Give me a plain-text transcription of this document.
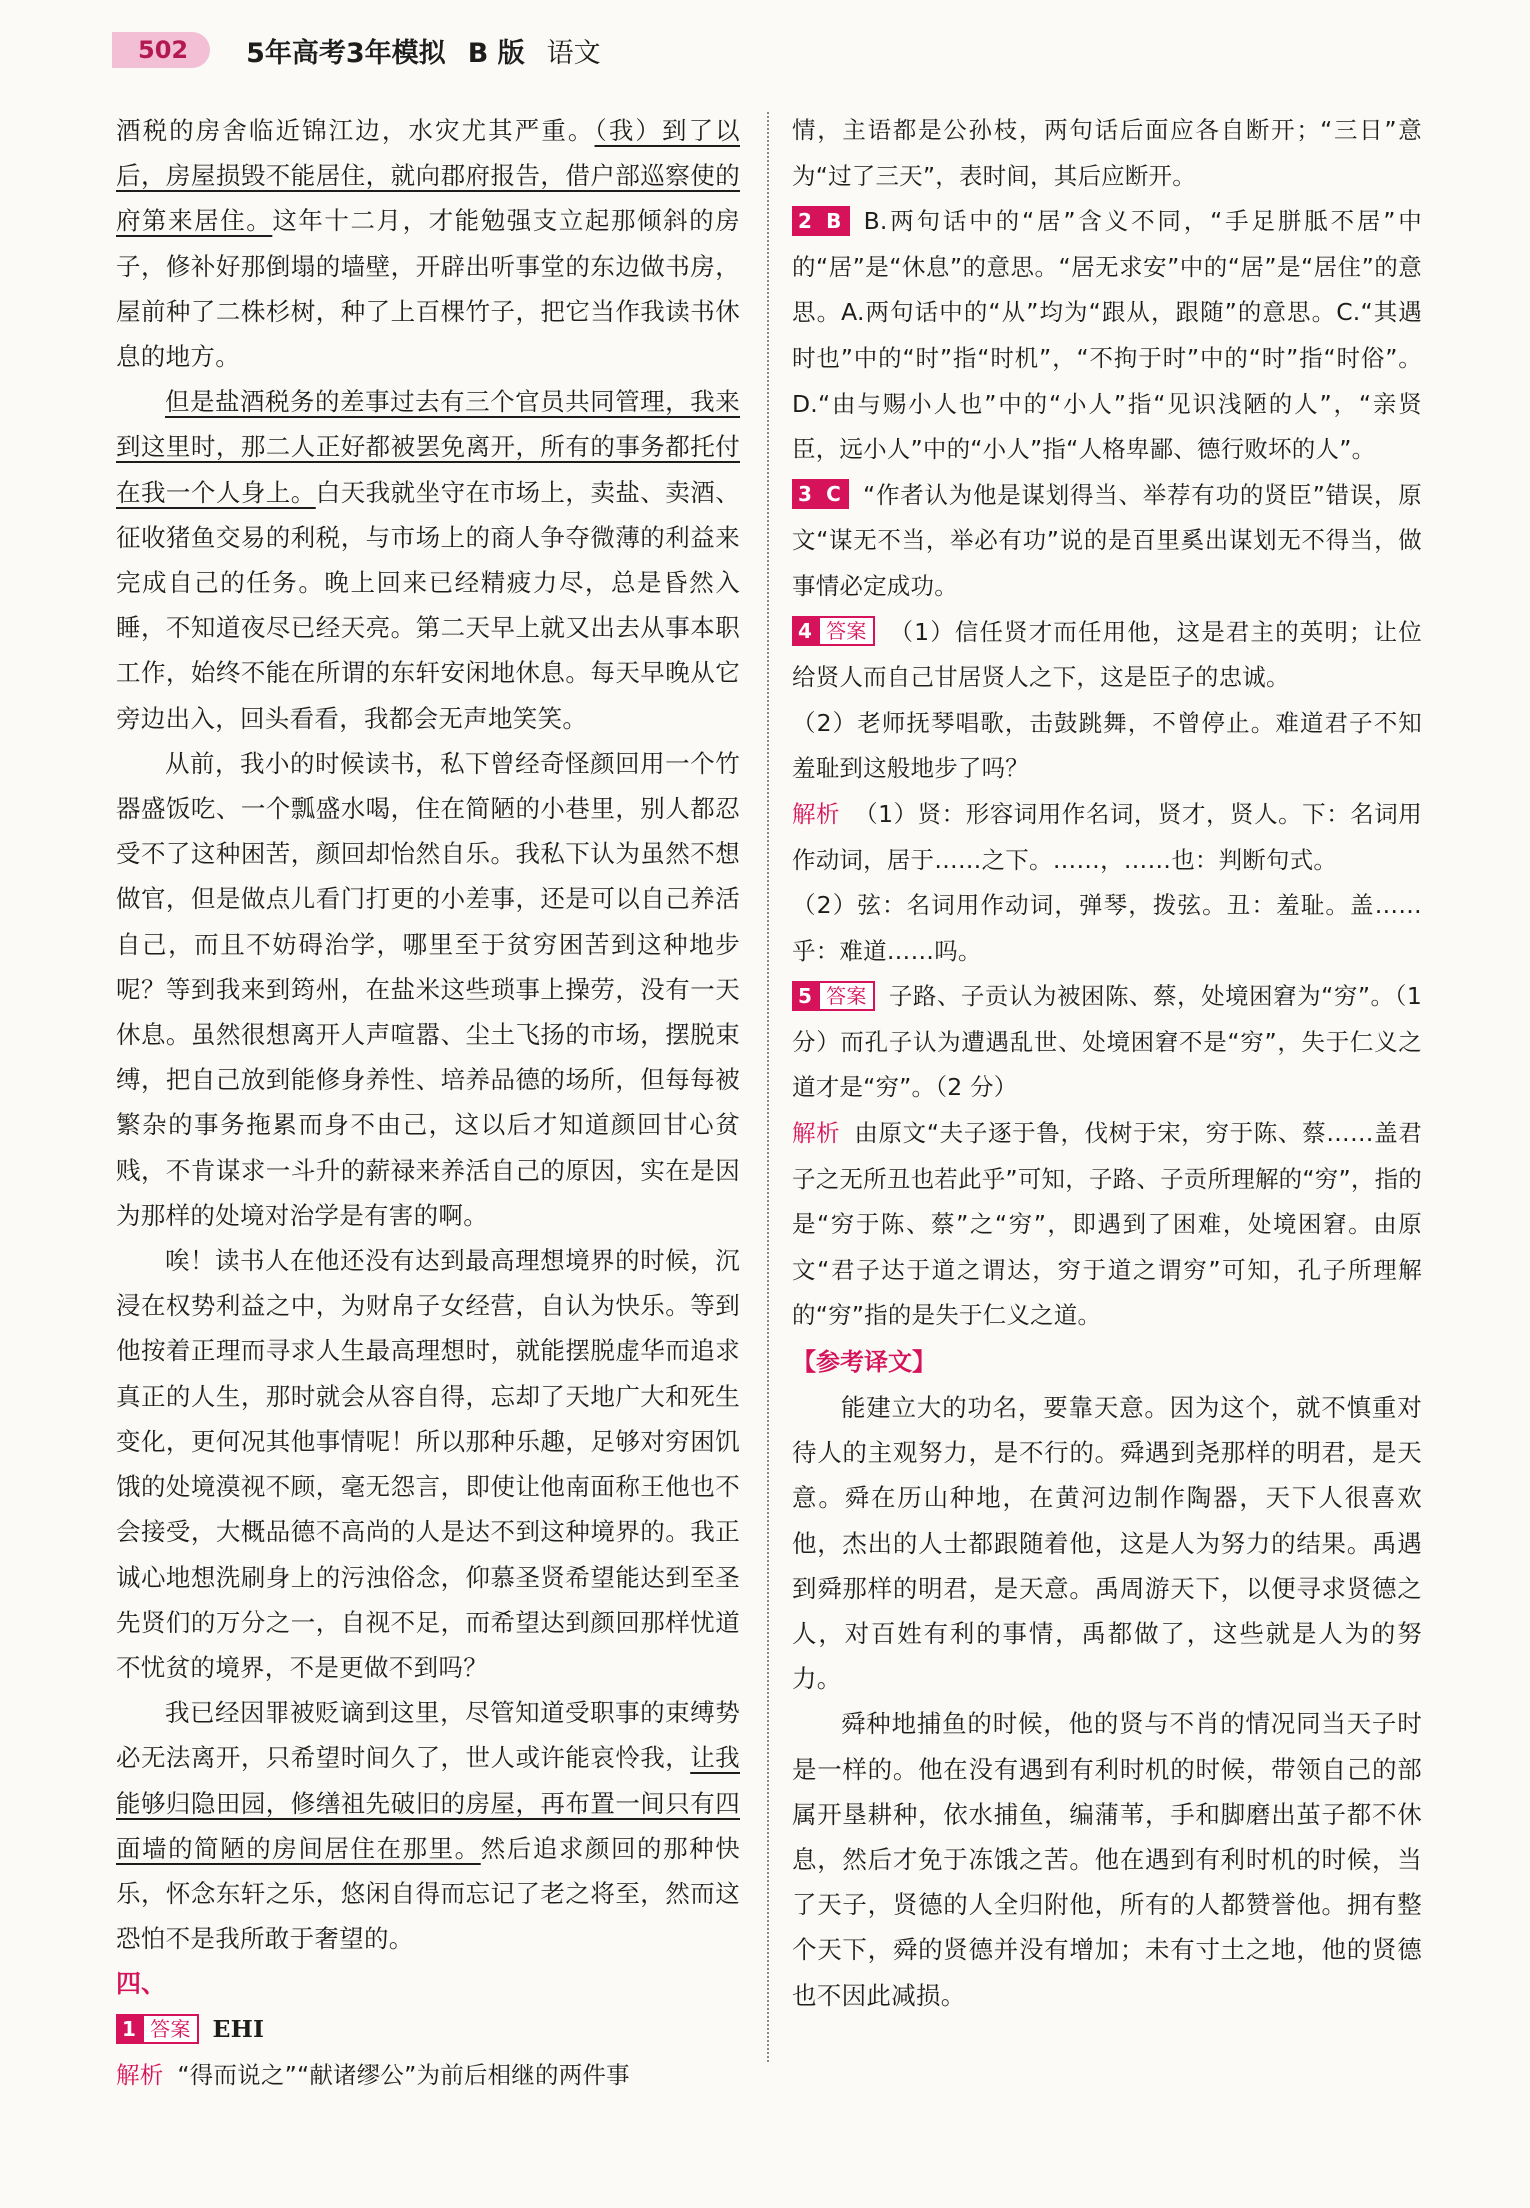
502	5年高考3年模拟 B 版 语文

酒税的房舍临近锦江边，水灾尤其严重。（我）到了以后，房屋损毁不能居住，就向郡府报告，借户部巡察使的府第来居住。这年十二月，才能勉强支立起那倾斜的房子，修补好那倒塌的墙壁，开辟出听事堂的东边做书房，屋前种了二株杉树，种了上百棵竹子，把它当作我读书休息的地方。

但是盐酒税务的差事过去有三个官员共同管理，我来到这里时，那二人正好都被罢免离开，所有的事务都托付在我一个人身上。白天我就坐守在市场上，卖盐、卖酒、征收猪鱼交易的利税，与市场上的商人争夺微薄的利益来完成自己的任务。晚上回来已经精疲力尽，总是昏然入睡，不知道夜尽已经天亮。第二天早上就又出去从事本职工作，始终不能在所谓的东轩安闲地休息。每天早晚从它旁边出入，回头看看，我都会无声地笑笑。

从前，我小的时候读书，私下曾经奇怪颜回用一个竹器盛饭吃、一个瓢盛水喝，住在简陋的小巷里，别人都忍受不了这种困苦，颜回却怡然自乐。我私下认为虽然不想做官，但是做点儿看门打更的小差事，还是可以自己养活自己，而且不妨碍治学，哪里至于贫穷困苦到这种地步呢？等到我来到筠州，在盐米这些琐事上操劳，没有一天休息。虽然很想离开人声喧嚣、尘土飞扬的市场，摆脱束缚，把自己放到能修身养性、培养品德的场所，但每每被繁杂的事务拖累而身不由己，这以后才知道颜回甘心贫贱，不肯谋求一斗升的薪禄来养活自己的原因，实在是因为那样的处境对治学是有害的啊。

唉！读书人在他还没有达到最高理想境界的时候，沉浸在权势利益之中，为财帛子女经营，自认为快乐。等到他按着正理而寻求人生最高理想时，就能摆脱虚华而追求真正的人生，那时就会从容自得，忘却了天地广大和死生变化，更何况其他事情呢！所以那种乐趣，足够对穷困饥饿的处境漠视不顾，毫无怨言，即使让他南面称王他也不会接受，大概品德不高尚的人是达不到这种境界的。我正诚心地想洗刷身上的污浊俗念，仰慕圣贤希望能达到至圣先贤们的万分之一，自视不足，而希望达到颜回那样忧道不忧贫的境界，不是更做不到吗？

我已经因罪被贬谪到这里，尽管知道受职事的束缚势必无法离开，只希望时间久了，世人或许能哀怜我，让我能够归隐田园，修缮祖先破旧的房屋，再布置一间只有四面墙的简陋的房间居住在那里。然后追求颜回的那种快乐，怀念东轩之乐，悠闲自得而忘记了老之将至，然而这恐怕不是我所敢于奢望的。

四、

1 答案 EHI

解析 “得而说之”“献诸缪公”为前后相继的两件事

情，主语都是公孙枝，两句话后面应各自断开；“三日”意为“过了三天”，表时间，其后应断开。

2 B B.两句话中的“居”含义不同，“手足胼胝不居”中的“居”是“休息”的意思。“居无求安”中的“居”是“居住”的意思。A.两句话中的“从”均为“跟从，跟随”的意思。C.“其遇时也”中的“时”指“时机”，“不拘于时”中的“时”指“时俗”。D.“由与赐小人也”中的“小人”指“见识浅陋的人”，“亲贤臣，远小人”中的“小人”指“人格卑鄙、德行败坏的人”。

3 C “作者认为他是谋划得当、举荐有功的贤臣”错误，原文“谋无不当，举必有功”说的是百里奚出谋划无不得当，做事情必定成功。

4 答案 （1）信任贤才而任用他，这是君主的英明；让位给贤人而自己甘居贤人之下，这是臣子的忠诚。

（2）老师抚琴唱歌，击鼓跳舞，不曾停止。难道君子不知羞耻到这般地步了吗？

解析 （1）贤：形容词用作名词，贤才，贤人。下：名词用作动词，居于……之下。……，……也：判断句式。

（2）弦：名词用作动词，弹琴，拨弦。丑：羞耻。盖……乎：难道……吗。

5 答案 子路、子贡认为被困陈、蔡，处境困窘为“穷”。（1 分）而孔子认为遭遇乱世、处境困窘不是“穷”，失于仁义之道才是“穷”。（2 分）

解析 由原文“夫子逐于鲁，伐树于宋，穷于陈、蔡……盖君子之无所丑也若此乎”可知，子路、子贡所理解的“穷”，指的是“穷于陈、蔡”之“穷”，即遇到了困难，处境困窘。由原文“君子达于道之谓达，穷于道之谓穷”可知，孔子所理解的“穷”指的是失于仁义之道。

【参考译文】

能建立大的功名，要靠天意。因为这个，就不慎重对待人的主观努力，是不行的。舜遇到尧那样的明君，是天意。舜在历山种地，在黄河边制作陶器，天下人很喜欢他，杰出的人士都跟随着他，这是人为努力的结果。禹遇到舜那样的明君，是天意。禹周游天下，以便寻求贤德之人，对百姓有利的事情，禹都做了，这些就是人为的努力。

舜种地捕鱼的时候，他的贤与不肖的情况同当天子时是一样的。他在没有遇到有利时机的时候，带领自己的部属开垦耕种，依水捕鱼，编蒲苇，手和脚磨出茧子都不休息，然后才免于冻饿之苦。他在遇到有利时机的时候，当了天子，贤德的人全归附他，所有的人都赞誉他。拥有整个天下，舜的贤德并没有增加；未有寸土之地，他的贤德也不因此减损。
